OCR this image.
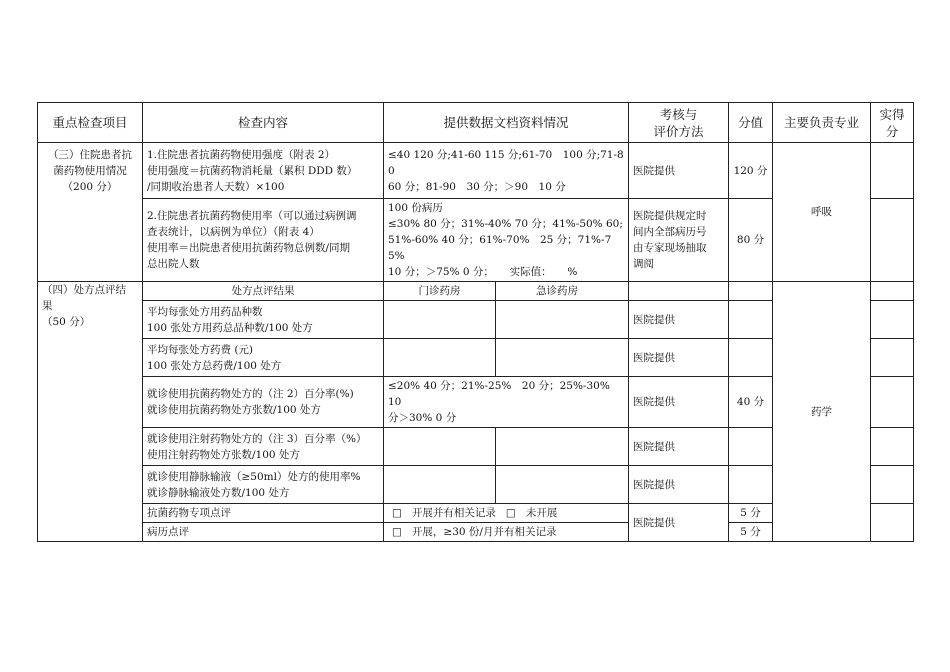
重点检查项目	检查内容	提供数据文档资料情况		考核与
评价方法	分值	主要负责专业	实得
分

（三）住院患者抗
菌药物使用情况
（200 分）	1.住院患者抗菌药物使用强度（附表 2）
使用强度＝抗菌药物消耗量（累积 DDD 数）
/同期收治患者人天数）×100	≤40 120 分;41-60 115 分;61-70　100 分;71-80
60 分；81-90　30 分；＞90　10 分		医院提供	120 分	呼吸	

	2.住院患者抗菌药物使用率（可以通过病例调
查表统计，以病例为单位）（附表 4）
使用率＝出院患者使用抗菌药物总例数/同期
总出院人数	100 份病历
≤30% 80 分；31%-40% 70 分；41%-50% 60;
51%-60% 40 分；61%-70%　25 分；71%-75%
10 分；＞75% 0 分；　　实际值：　　%		医院提供规定时
间内全部病历号
由专家现场抽取
调阅	80 分		

（四）处方点评结
果
（50 分）	处方点评结果	门诊药房	急诊药房			药学	

	平均每张处方用药品种数
100 张处方用药总品种数/100 处方			医院提供			

	平均每张处方药费 (元)
100 张处方总药费/100 处方			医院提供			

	就诊使用抗菌药物处方的（注 2）百分率(%)
就诊使用抗菌药物处方张数/100 处方	≤20% 40 分；21%-25%　20 分；25%-30%　10
分＞30% 0 分		医院提供	40 分		

	就诊使用注射药物处方的（注 3）百分率（%）
使用注射药物处方张数/100 处方			医院提供			

	就诊使用静脉输液（≥50ml）处方的使用率%
就诊静脉输液处方数/100 处方			医院提供			
	抗菌药物专项点评	□ 开展并有相关记录 □ 未开展		医院提供	5 分		
	病历点评	□ 开展，≥30 份/月并有相关记录			5 分		
